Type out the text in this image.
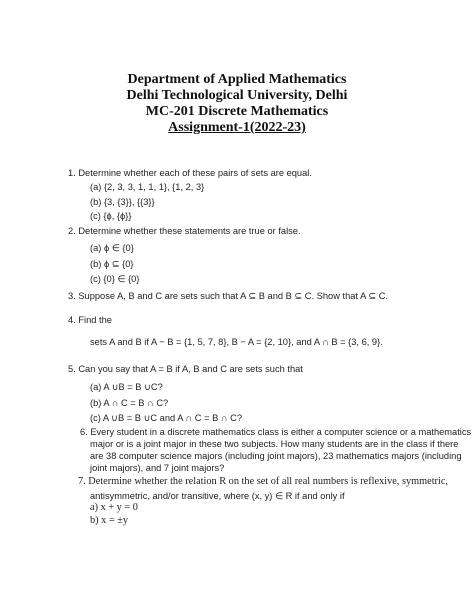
Department of Applied Mathematics
Delhi Technological University, Delhi
MC-201 Discrete Mathematics
Assignment-1(2022-23)
1. Determine whether each of these pairs of sets are equal.
(a) {2, 3, 3, 1, 1, 1}, {1, 2, 3}
(b) {3, {3}}, {{3}}
(c) {ϕ, {ϕ}}
2. Determine whether these statements are true or false.
(a) ϕ ∈ {0}
(b) ϕ ⊆ {0}
(c) {0} ∈ {0}
3. Suppose A, B and C are sets such that A ⊆ B and B ⊆ C. Show that A ⊆ C.
4. Find the
sets A and B if A − B = {1, 5, 7, 8}, B − A = {2, 10}, and A ∩ B = {3, 6, 9}.
5. Can you say that A = B if A, B and C are sets such that
(a) A ∪B = B ∪C?
(b) A ∩ C = B ∩ C?
(c) A ∪B = B ∪C and A ∩ C = B ∩ C?
6. Every student in a discrete mathematics class is either a computer science or a mathematics
major or is a joint major in these two subjects. How many students are in the class if there
are 38 computer science majors (including joint majors), 23 mathematics majors (including
joint majors), and 7 joint majors?
7. Determine whether the relation R on the set of all real numbers is reflexive, symmetric,
antisymmetric, and/or transitive, where (x, y) ∈ R if and only if
a) x + y = 0
b) x = ±y
